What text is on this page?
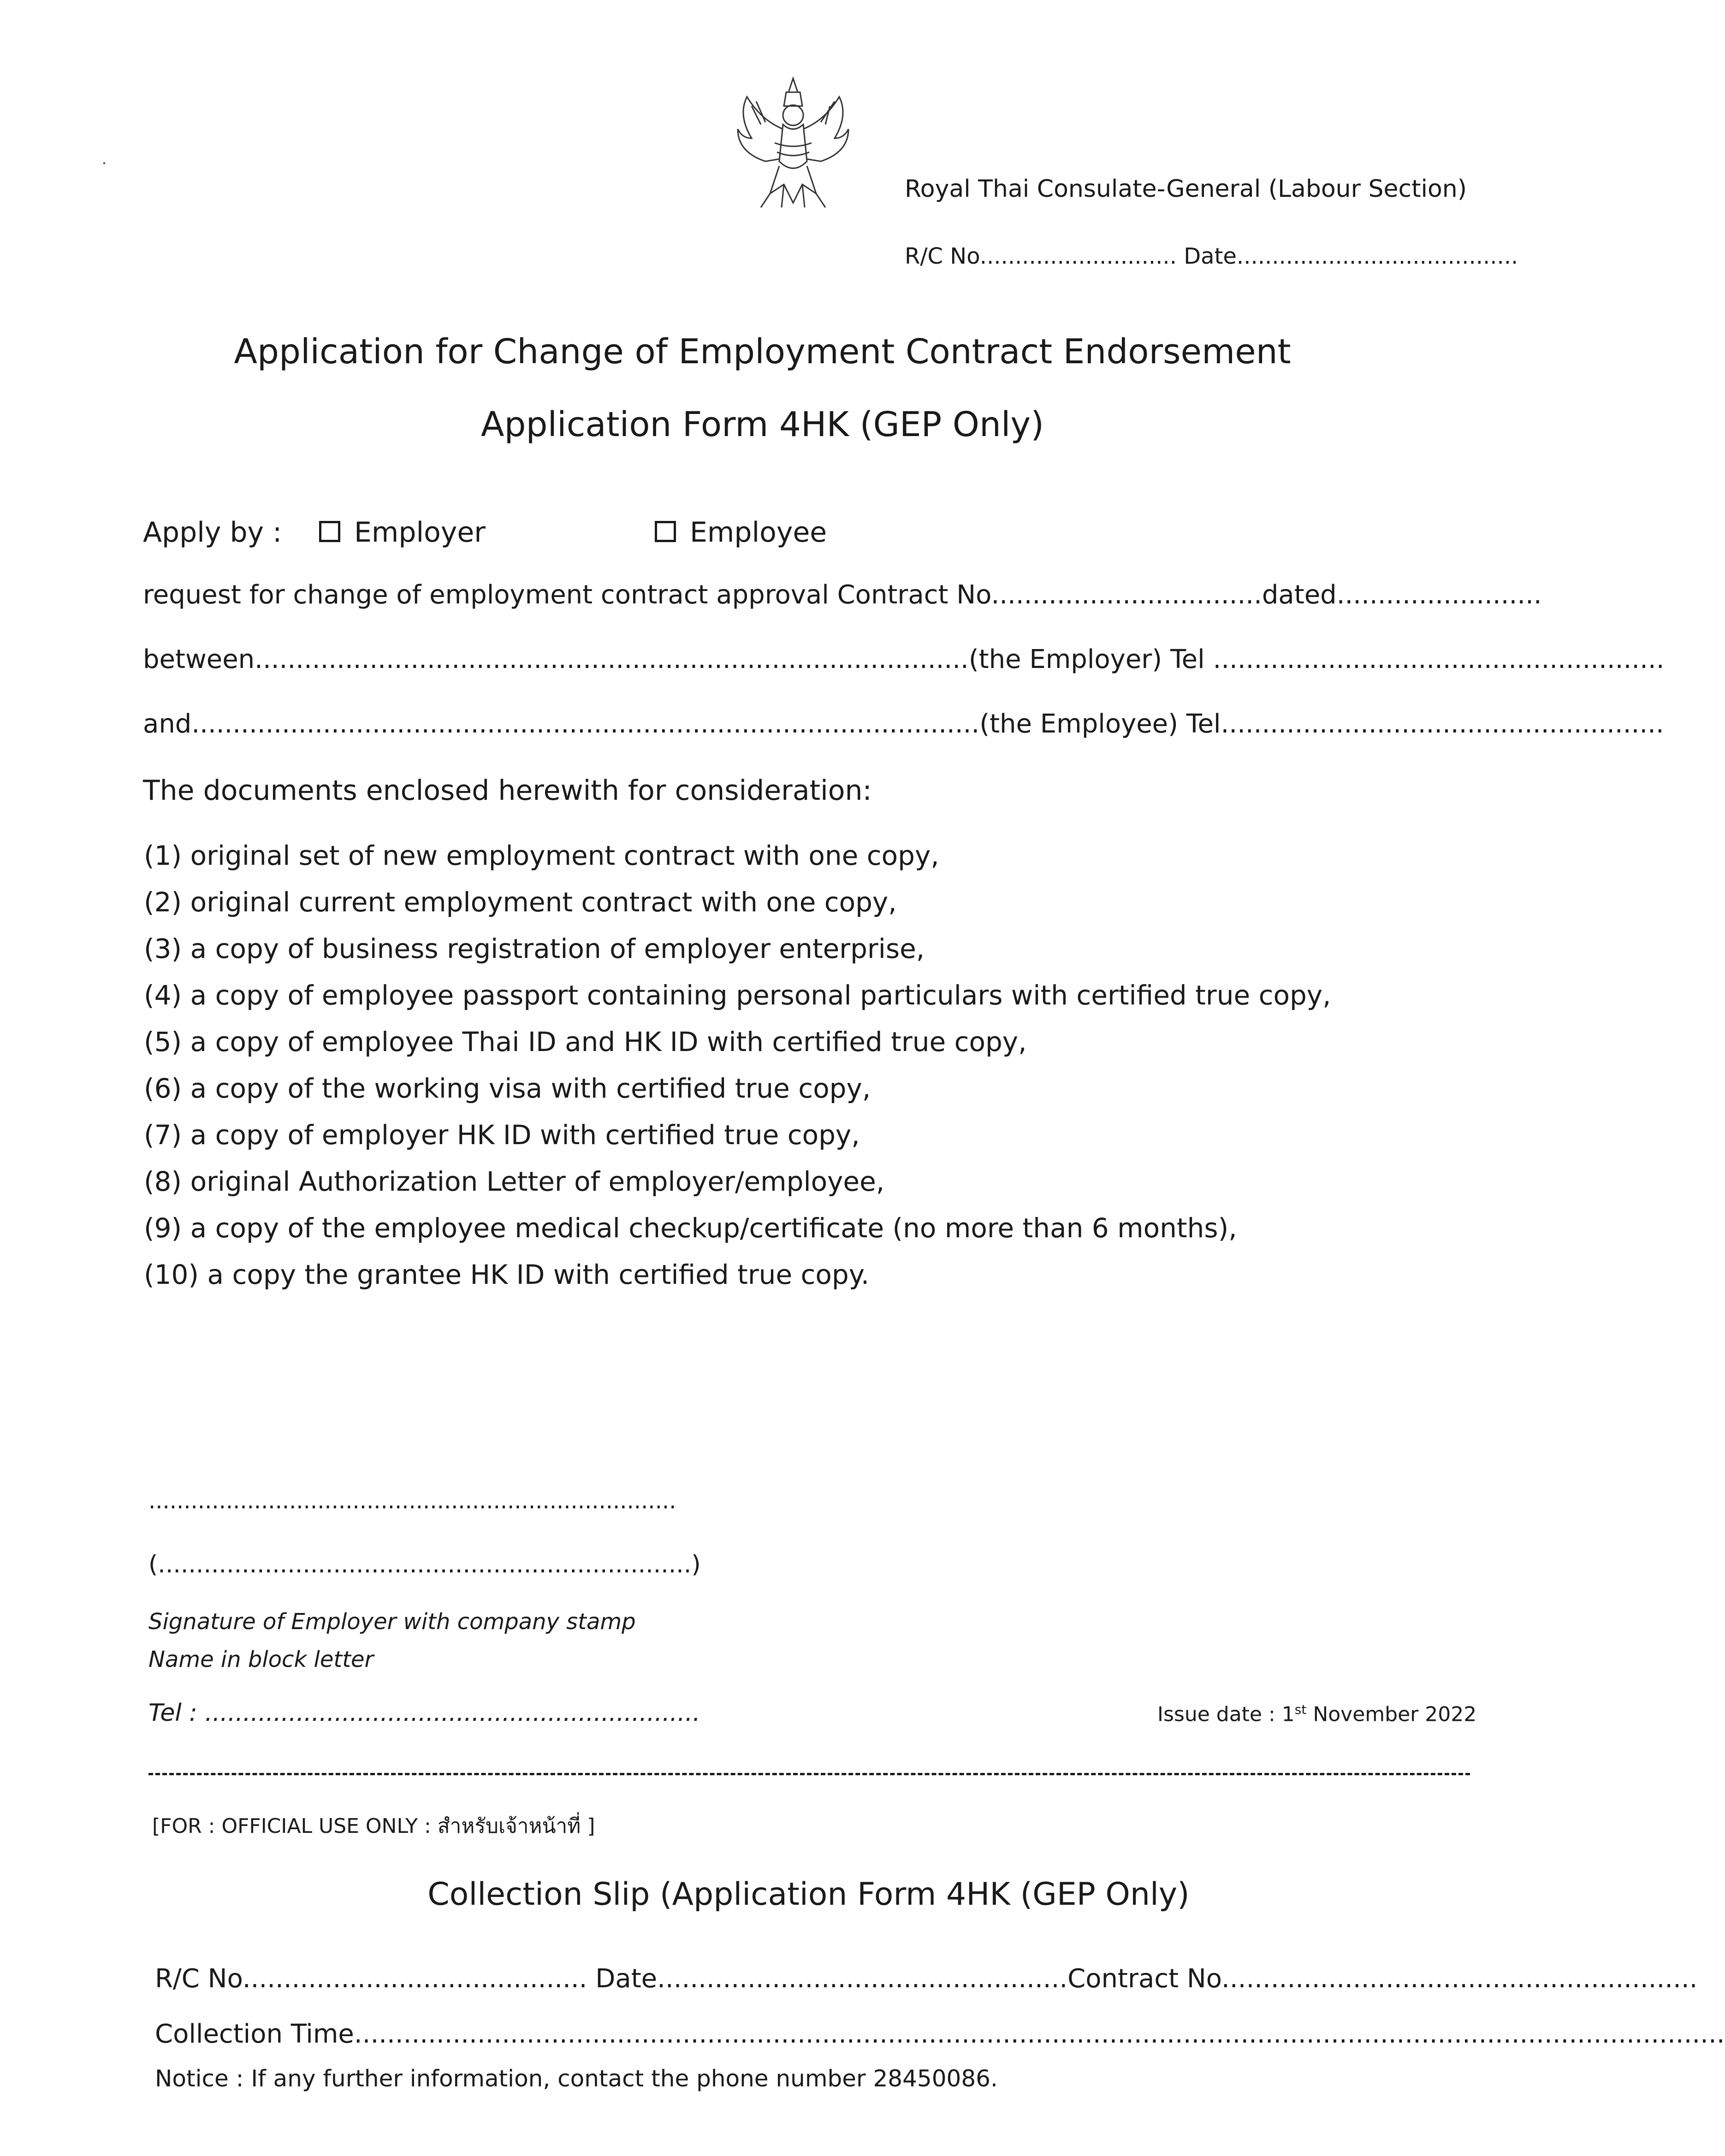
Royal Thai Consulate-General (Labour Section)
R/C No............................ Date........................................
Application for Change of Employment Contract Endorsement
Application Form 4HK (GEP Only)
Apply by :	Employer	Employee
request for change of employment contract approval Contract No.................................dated.........................
between.......................................................................................(the Employer) Tel .......................................................
and................................................................................................(the Employee) Tel......................................................
The documents enclosed herewith for consideration:
(1) original set of new employment contract with one copy,
(2) original current employment contract with one copy,
(3) a copy of business registration of employer enterprise,
(4) a copy of employee passport containing personal particulars with certified true copy,
(5) a copy of employee Thai ID and HK ID with certified true copy,
(6) a copy of the working visa with certified true copy,
(7) a copy of employer HK ID with certified true copy,
(8) original Authorization Letter of employer/employee,
(9) a copy of the employee medical checkup/certificate (no more than 6 months),
(10) a copy the grantee HK ID with certified true copy.
...........................................................................
(......................................................................)
Signature of Employer with company stamp
Name in block letter
Tel : .................................................................	Issue date : 1st November 2022
[FOR : OFFICIAL USE ONLY : สำหรับเจ้าหน้าที่ ]
Collection Slip (Application Form 4HK (GEP Only)
R/C No.......................................... Date..................................................Contract No..........................................................
Collection Time.......................................................................................................................................................................
Notice : If any further information, contact the phone number 28450086.
